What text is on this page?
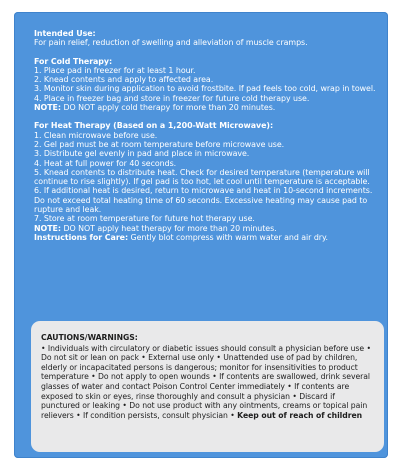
Intended Use:

For pain relief, reduction of swelling and alleviation of muscle cramps.

For Cold Therapy:

1. Place pad in freezer for at least 1 hour.
2. Knead contents and apply to affected area.
3. Monitor skin during application to avoid frostbite. If pad feels too cold, wrap in towel.
4. Place in freezer bag and store in freezer for future cold therapy use.

NOTE: DO NOT apply cold therapy for more than 20 minutes.

For Heat Therapy (Based on a 1,200-Watt Microwave):

1. Clean microwave before use.
2. Gel pad must be at room temperature before microwave use.
3. Distribute gel evenly in pad and place in microwave.
4. Heat at full power for 40 seconds.
5. Knead contents to distribute heat. Check for desired temperature (temperature will continue to rise slightly). If gel pad is too hot, let cool until temperature is acceptable.
6. If additional heat is desired, return to microwave and heat in 10-second increments. Do not exceed total heating time of 60 seconds. Excessive heating may cause pad to rupture and leak.
7. Store at room temperature for future hot therapy use.

NOTE: DO NOT apply heat therapy for more than 20 minutes.

Instructions for Care: Gently blot compress with warm water and air dry.

CAUTIONS/WARNINGS:

• Individuals with circulatory or diabetic issues should consult a physician before use • Do not sit or lean on pack • External use only • Unattended use of pad by children, elderly or incapacitated persons is dangerous; monitor for insensitivities to product temperature • Do not apply to open wounds • If contents are swallowed, drink several glasses of water and contact Poison Control Center immediately • If contents are exposed to skin or eyes, rinse thoroughly and consult a physician • Discard if punctured or leaking • Do not use product with any ointments, creams or topical pain relievers • If condition persists, consult physician • Keep out of reach of children
